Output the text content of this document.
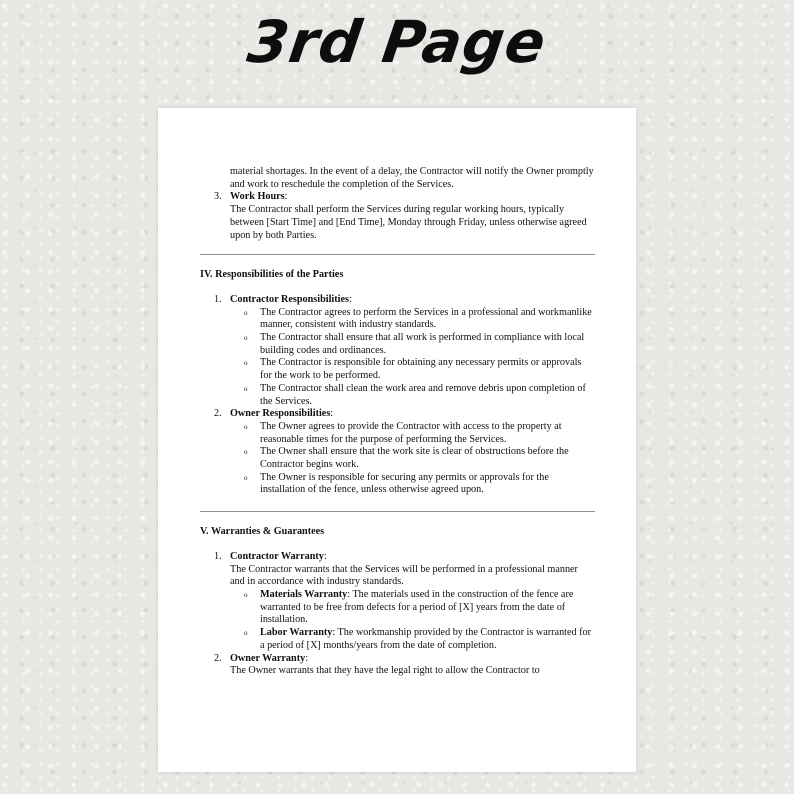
3rd Page

material shortages. In the event of a delay, the Contractor will notify the Owner promptly and work to reschedule the completion of the Services.

3. Work Hours:

The Contractor shall perform the Services during regular working hours, typically between [Start Time] and [End Time], Monday through Friday, unless otherwise agreed upon by both Parties.

IV. Responsibilities of the Parties
1. Contractor Responsibilities:
o The Contractor agrees to perform the Services in a professional and workmanlike manner, consistent with industry standards.
o The Contractor shall ensure that all work is performed in compliance with local building codes and ordinances.
o The Contractor is responsible for obtaining any necessary permits or approvals for the work to be performed.
o The Contractor shall clean the work area and remove debris upon completion of the Services.
2. Owner Responsibilities:
o The Owner agrees to provide the Contractor with access to the property at reasonable times for the purpose of performing the Services.
o The Owner shall ensure that the work site is clear of obstructions before the Contractor begins work.
o The Owner is responsible for securing any permits or approvals for the installation of the fence, unless otherwise agreed upon.
V. Warranties & Guarantees
1. Contractor Warranty:

The Contractor warrants that the Services will be performed in a professional manner and in accordance with industry standards.

o Materials Warranty: The materials used in the construction of the fence are warranted to be free from defects for a period of [X] years from the date of installation.
o Labor Warranty: The workmanship provided by the Contractor is warranted for a period of [X] months/years from the date of completion.
2. Owner Warranty:

The Owner warrants that they have the legal right to allow the Contractor to
